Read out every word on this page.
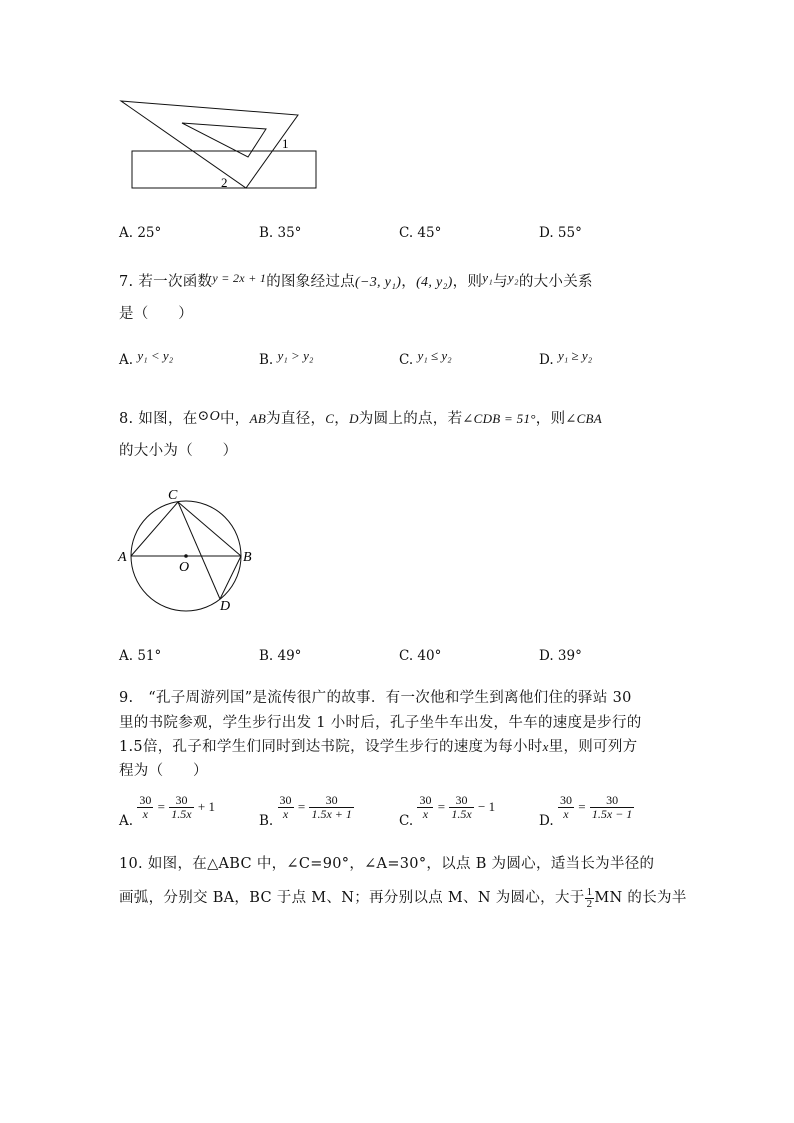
1
2
A. 25°	B. 35°	C. 45°	D. 55°
7. 若一次函数$^{y = 2x + 1}$的图象经过点(−3, y₁)，(4, y₂)，则y₁与y₂的大小关系
是（　　）
A. y₁ < y₂	B. y₁ > y₂	C. y₁ ≤ y₂	D. y₁ ≥ y₂
8. 如图，在⊙O中，AB为直径，C，D为圆上的点，若∠CDB = 51°，则∠CBA
的大小为（　　）
A	B
C
D
O
A. 51°	B. 49°	C. 40°	D. 39°
9.　“孔子周游列国”是流传很广的故事．有一次他和学生到离他们住的驿站 30
里的书院参观，学生步行出发 1 小时后，孔子坐牛车出发，牛车的速度是步行的
1.5倍，孔子和学生们同时到达书院，设学生步行的速度为每小时x里，则可列方
程为（　　）
A. $\frac{30}{x} = \frac{30}{1.5x} + 1$
B. $\frac{30}{x} = \frac{30}{1.5x + 1}$	C. $\frac{30}{x} = \frac{30}{1.5x} - 1$
D. $\frac{30}{x} = \frac{30}{1.5x - 1}$
10. 如图，在△ABC 中，∠C=90°，∠A=30°，以点 B 为圆心，适当长为半径的
画弧，分别交 BA，BC 于点 M、N；再分别以点 M、N 为圆心，大于 $\frac{1}{2}$ MN 的长为半
